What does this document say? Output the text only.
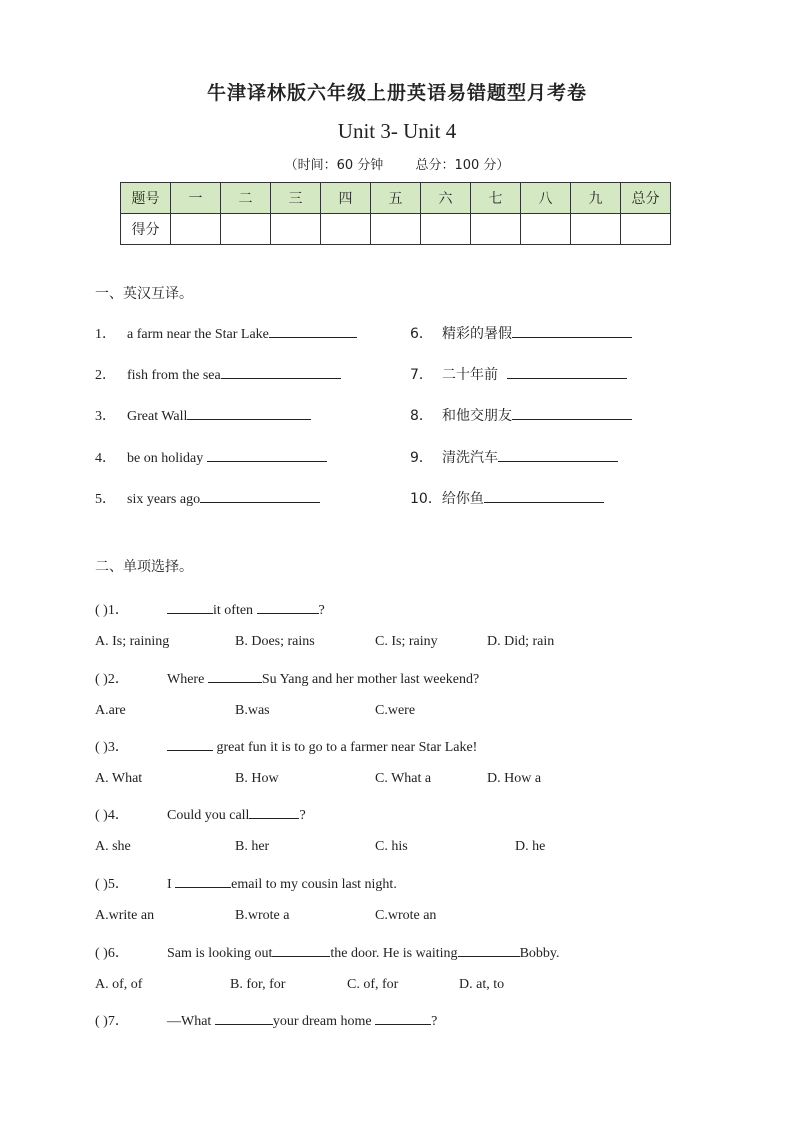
牛津译林版六年级上册英语易错题型月考卷
Unit 3- Unit 4
（时间：60 分钟 总分：100 分）
题号	一	二	三	四	五	六	七	八	九	总分
得分										
一、英汉互译。
1． a farm near the Star Lake
2． fish from the sea
3． Great Wall
4． be on holiday
5． six years ago
6． 精彩的暑假
7． 二十年前
8． 和他交朋友
9． 清洗汽车
10．给你鱼
二、单项选择。
( )1．	it often	?
A. Is; raining	B. Does; rains	C. Is; rainy	D. Did; rain
( )2．	Where	Su Yang and her mother last weekend?
A.are	B.was	C.were
( )3．	great fun it is to go to a farmer near Star Lake!
A. What	B. How	C. What a	D. How a
( )4．	Could you call	?
A. she	B. her	C. his	D. he
( )5．	I	email to my cousin last night.
A.write an	B.wrote a	C.wrote an
( )6．	Sam is looking out	the door. He is waiting	Bobby.
A. of, of	B. for, for	C. of, for	D. at, to
( )7．	—What	your dream home	?
